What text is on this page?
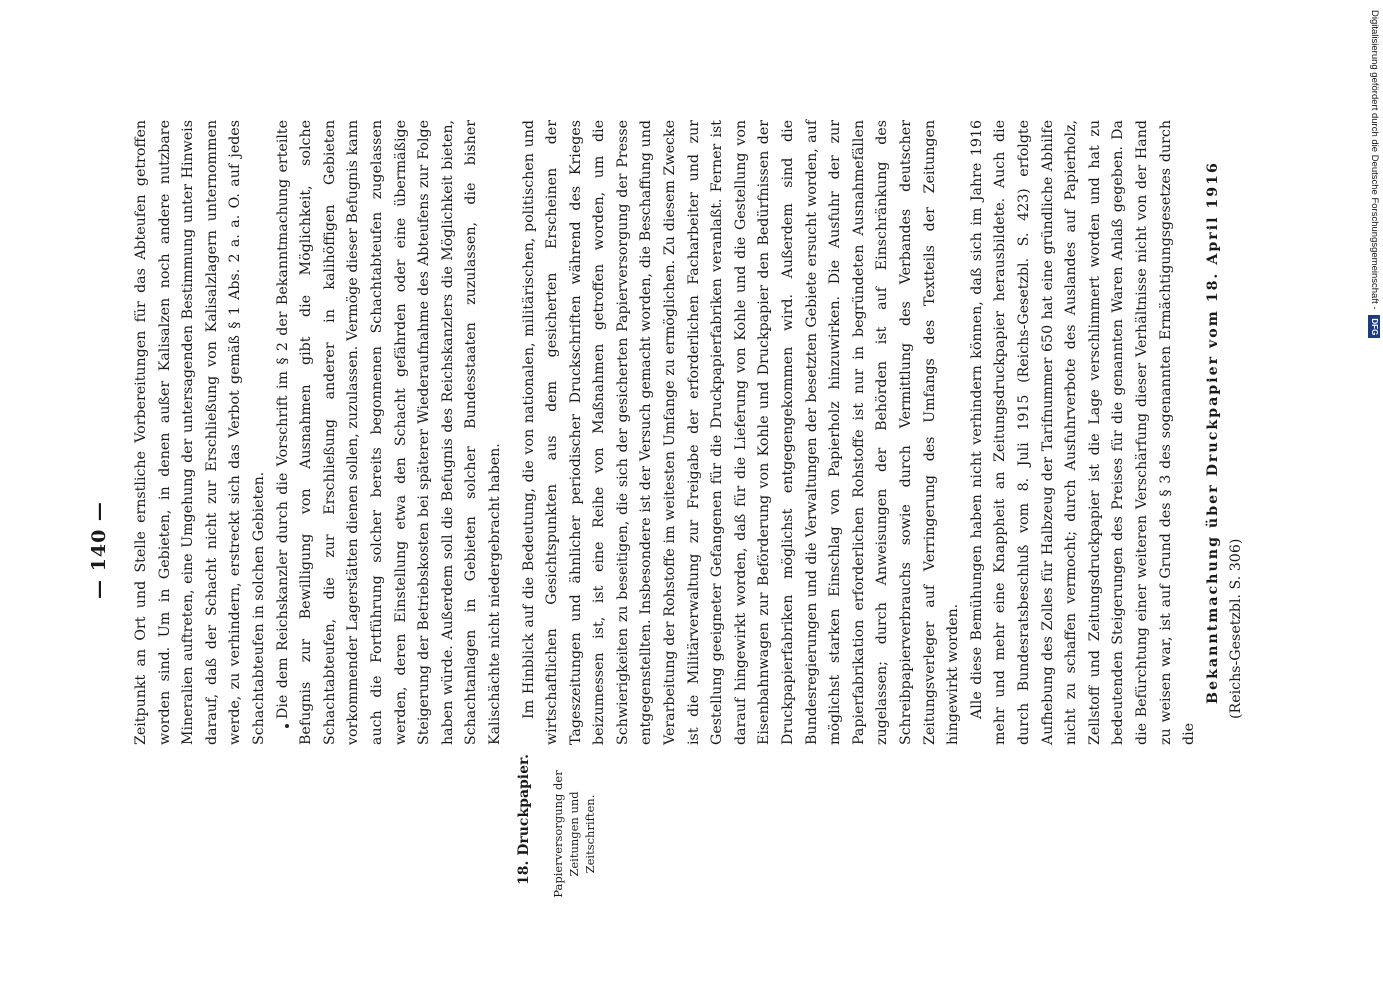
— 140 —
18. Druckpapier. Papierversorgung der Zeitungen und Zeitschriften.

Zeitpunkt an Ort und Stelle ernstliche Vorbereitungen für das Abteufen getroffen worden sind. Um in Gebieten, in denen außer Kalisalzen noch andere nutzbare Mineralien auftreten, eine Umgehung der untersagenden Bestimmung unter Hinweis darauf, daß der Schacht nicht zur Erschließung von Kalisalzlagern unternommen werde, zu verhindern, erstreckt sich das Verbot gemäß § 1 Abs. 2 a. a. O. auf jedes Schachtabteufen in solchen Gebieten. Die dem Reichskanzler durch die Vorschrift im § 2 der Bekanntmachung erteilte Befugnis zur Bewilligung von Ausnahmen gibt die Möglichkeit, solche Schachtabteufen, die zur Erschließung anderer in kalihöffigen Gebieten vorkommender Lagerstätten dienen sollen, zuzulassen. Vermöge dieser Befugnis kann auch die Fortführung solcher bereits begonnenen Schachtabteufen zugelassen werden, deren Einstellung etwa den Schacht gefährden oder eine übermäßige Steigerung der Betriebskosten bei späterer Wiederaufnahme des Abteufens zur Folge haben würde. Außerdem soll die Befugnis des Reichskanzlers die Möglichkeit bieten, Schachtanlagen in Gebieten solcher Bundesstaaten zuzulassen, die bisher Kalischächte nicht niedergebracht haben.	Im Hinblick auf die Bedeutung, die von nationalen, militärischen, politischen und wirtschaftlichen Gesichtspunkten aus dem gesicherten Erscheinen der Tageszeitungen und ähnlicher periodischer Druckschriften während des Krieges beizumessen ist, ist eine Reihe von Maßnahmen getroffen worden, um die Schwierigkeiten zu beseitigen, die sich der gesicherten Papierversorgung der Presse entgegenstellten. Insbesondere ist der Versuch gemacht worden, die Beschaffung und Verarbeitung der Rohstoffe im weitesten Umfange zu ermöglichen. Zu diesem Zwecke ist die Militärverwaltung zur Freigabe der erforderlichen Facharbeiter und zur Gestellung geeigneter Gefangenen für die Druckpapierfabriken veranlaßt. Ferner ist darauf hingewirkt worden, daß für die Lieferung von Kohle und die Gestellung von Eisenbahnwagen zur Beförderung von Kohle und Druckpapier den Bedürfnissen der Druckpapierfabriken möglichst entgegengekommen wird. Außerdem sind die Bundesregierungen und die Verwaltungen der besetzten Gebiete ersucht worden, auf möglichst starken Einschlag von Papierholz hinzuwirken. Die Ausfuhr der zur Papierfabrikation erforderlichen Rohstoffe ist nur in begründeten Ausnahmefällen zugelassen; durch Anweisungen der Behörden ist auf Einschränkung des Schreibpapierverbrauchs sowie durch Vermittlung des Verbandes deutscher Zeitungsverleger auf Verringerung des Umfangs des Textteils der Zeitungen hingewirkt worden. Alle diese Bemühungen haben nicht verhindern können, daß sich im Jahre 1916 mehr und mehr eine Knappheit an Zeitungsdruckpapier herausbildete. Auch die durch Bundesratsbeschluß vom 8. Juli 1915 (Reichs-Gesetzbl. S. 423) erfolgte Aufhebung des Zolles für Halbzeug der Tarifnummer 650 hat eine gründliche Abhilfe nicht zu schaffen vermocht; durch Ausfuhrverbote des Auslandes auf Papierholz, Zellstoff und Zeitungsdruckpapier ist die Lage verschlimmert worden und hat zu bedeutenden Steigerungen des Preises für die genannten Waren Anlaß gegeben. Da die Befürchtung einer weiteren Verschärfung dieser Verhältnisse nicht von der Hand zu weisen war, ist auf Grund des § 3 des sogenannten Ermächtigungsgesetzes durch die

Bekanntmachung über Druckpapier vom 18. April 1916 (Reichs-Gesetzbl. S. 306)

Digitalisierung gefördert durch die Deutsche Forschungsgemeinschaft -DFG
